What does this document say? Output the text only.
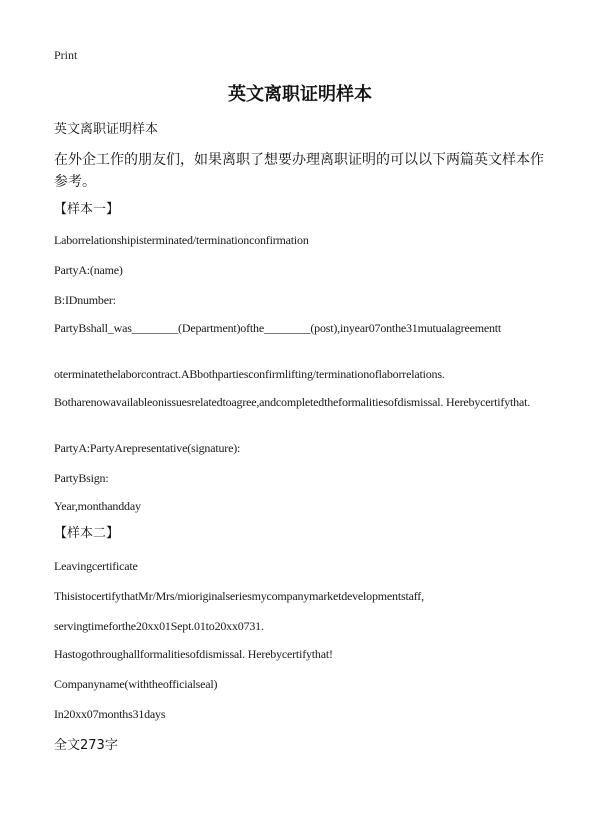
Print
英文离职证明样本

英文离职证明样本

在外企工作的朋友们，如果离职了想要办理离职证明的可以以下两篇英文样本作参考。

【样本一】

Laborrelationshipisterminated/terminationconfirmation

PartyA:(name)

B:IDnumber:

PartyBshall_was________(Department)ofthe________(post),inyear07onthe31mutualagreementt

oterminatethelaborcontract.ABbothpartiesconfirmlifting/terminationoflaborrelations.

Botharenowavailableonissuesrelatedtoagree,andcompletedtheformalitiesofdismissal. Herebycertifythat.

PartyA:PartyArepresentative(signature):

PartyBsign:

Year,monthandday

【样本二】

Leavingcertificate

ThisistocertifythatMr/Mrs/mioriginalseriesmycompanymarketdevelopmentstaff,

servingtimeforthe20xx01Sept.01to20xx0731.

Hastogothroughallformalitiesofdismissal. Herebycertifythat!

Companyname(withtheofficialseal)

In20xx07months31days

全文273字
